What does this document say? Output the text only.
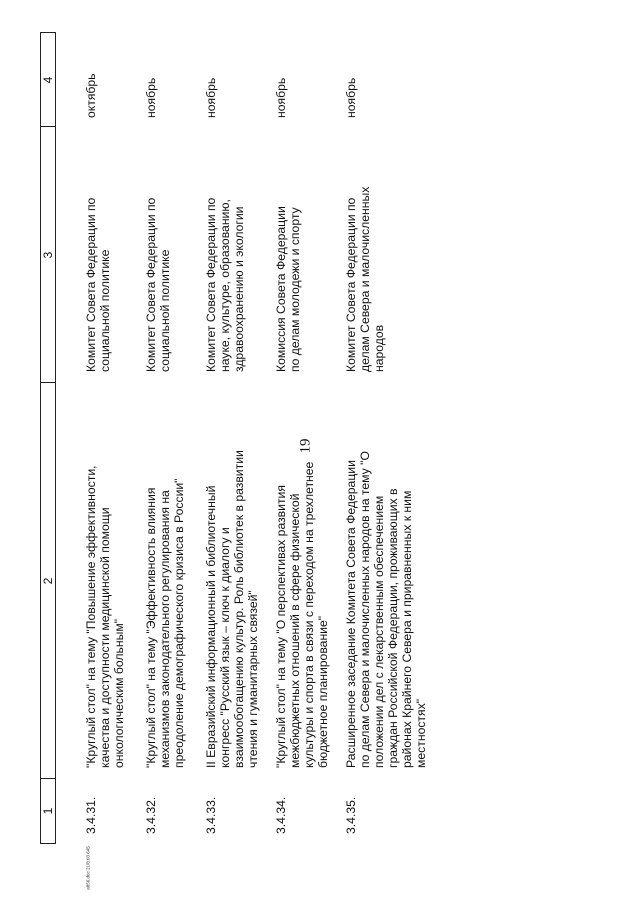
19
1
2
3
4
3.4.31.
"Круглый стол" на тему "Повышение эффективности, качества и доступности медицинской помощи онкологическим больным"
Комитет Совета Федерации по социальной политике
октябрь
3.4.32.
"Круглый стол" на тему "Эффективность влияния механизмов законодательного регулирования на преодоление демографического кризиса в России"
Комитет Совета Федерации по социальной политике
ноябрь
3.4.33.
II Евразийский информационный и библиотечный конгресс "Русский язык – ключ к диалогу и взаимообогащению культур. Роль библиотек в развитии чтения и гуманитарных связей"
Комитет Совета Федерации по науке, культуре, образованию, здравоохранению и экологии
ноябрь
3.4.34.
"Круглый стол" на тему "О перспективах развития межбюджетных отношений в сфере физической культуры и спорта в связи с переходом на трехлетнее бюджетное планирование"
Комиссия Совета Федерации по делам молодежи и спорту
ноябрь
3.4.35.
Расширенное заседание Комитета Совета Федерации по делам Севера и малочисленных народов на тему "О положении дел с лекарственным обеспечением граждан Российской Федерации, проживающих в районах Крайнего Севера и приравненных к ним местностях"
Комитет Совета Федерации по делам Севера и малочисленных народов
ноябрь
a856.doc 21/8.03 645
